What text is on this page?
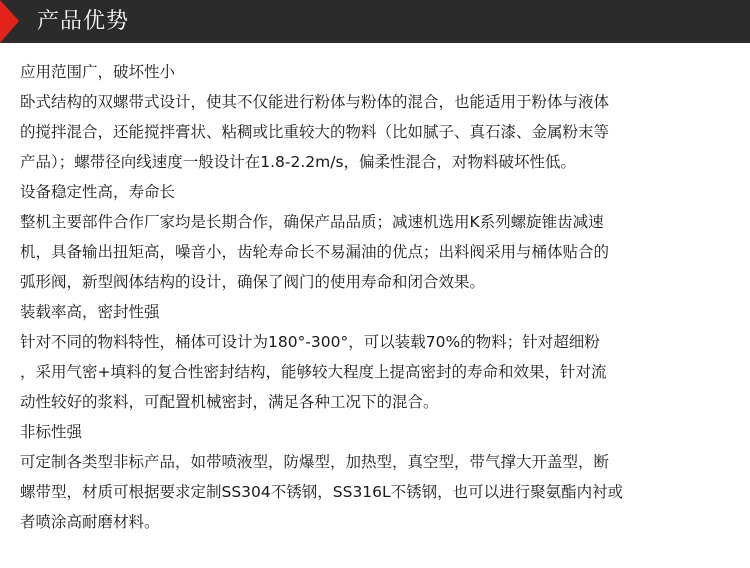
产品优势
应用范围广，破坏性小
卧式结构的双螺带式设计，使其不仅能进行粉体与粉体的混合，也能适用于粉体与液体
的搅拌混合，还能搅拌膏状、粘稠或比重较大的物料（比如腻子、真石漆、金属粉末等
产品）；螺带径向线速度一般设计在1.8-2.2m/s，偏柔性混合，对物料破坏性低。
设备稳定性高，寿命长
整机主要部件合作厂家均是长期合作，确保产品品质；减速机选用K系列螺旋锥齿减速
机，具备输出扭矩高，噪音小，齿轮寿命长不易漏油的优点；出料阀采用与桶体贴合的
弧形阀，新型阀体结构的设计，确保了阀门的使用寿命和闭合效果。
装载率高，密封性强
针对不同的物料特性，桶体可设计为180°-300°，可以装载70%的物料；针对超细粉
，采用气密+填料的复合性密封结构，能够较大程度上提高密封的寿命和效果，针对流
动性较好的浆料，可配置机械密封，满足各种工况下的混合。
非标性强
可定制各类型非标产品，如带喷液型，防爆型，加热型，真空型，带气撑大开盖型，断
螺带型，材质可根据要求定制SS304不锈钢，SS316L不锈钢，也可以进行聚氨酯内衬或
者喷涂高耐磨材料。
